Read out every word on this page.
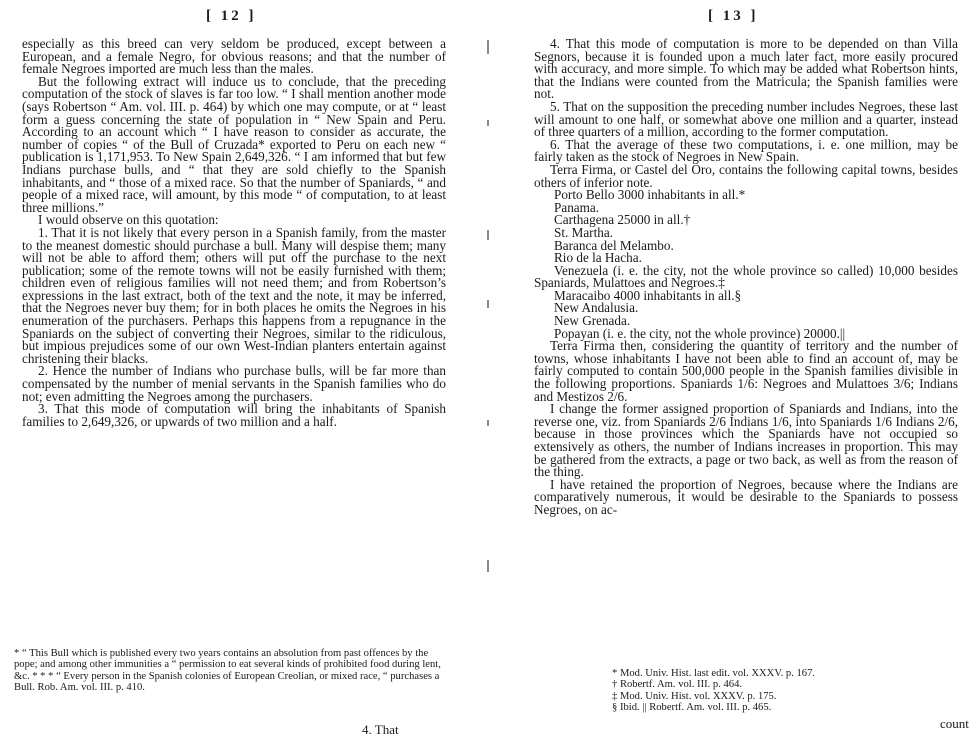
[ 12 ]

especially as this breed can very seldom be produced, except between a European, and a female Negro, for obvious reasons; and that the number of female Negroes imported are much less than the males.

But the following extract will induce us to conclude, that the preceding computation of the stock of slaves is far too low. “ I shall mention another mode (says Robertson “ Am. vol. III. p. 464) by which one may compute, or at “ least form a guess concerning the state of population in “ New Spain and Peru. According to an account which “ I have reason to consider as accurate, the number of copies “ of the Bull of Cruzada* exported to Peru on each new “ publication is 1,171,953. To New Spain 2,649,326. “ I am informed that but few Indians purchase bulls, and “ that they are sold chiefly to the Spanish inhabitants, and “ those of a mixed race. So that the number of Spaniards, “ and people of a mixed race, will amount, by this mode “ of computation, to at least three millions.”

I would observe on this quotation:

1. That it is not likely that every person in a Spanish family, from the master to the meanest domestic should purchase a bull. Many will despise them; many will not be able to afford them; others will put off the purchase to the next publication; some of the remote towns will not be easily furnished with them; children even of religious families will not need them; and from Robertson’s expressions in the last extract, both of the text and the note, it may be inferred, that the Negroes never buy them; for in both places he omits the Negroes in his enumeration of the purchasers. Perhaps this happens from a repugnance in the Spaniards on the subject of converting their Negroes, similar to the ridiculous, but impious prejudices some of our own West-Indian planters entertain against christening their blacks.

2. Hence the number of Indians who purchase bulls, will be far more than compensated by the number of menial servants in the Spanish families who do not; even admitting the Negroes among the purchasers.

3. That this mode of computation will bring the inhabitants of Spanish families to 2,649,326, or upwards of two million and a half.

* “ This Bull which is published every two years contains an absolution from past offences by the pope; and among other immunities a “ permission to eat several kinds of prohibited food during lent, &c. * * * “ Every person in the Spanish colonies of European Creolian, or mixed race, “ purchases a Bull. Rob. Am. vol. III. p. 410.

4. That
[ 13 ]

4. That this mode of computation is more to be depended on than Villa Segnors, because it is founded upon a much later fact, more easily procured with accuracy, and more simple. To which may be added what Robertson hints, that the Indians were counted from the Matricula; the Spanish families were not.

5. That on the supposition the preceding number includes Negroes, these last will amount to one half, or somewhat above one million and a quarter, instead of three quarters of a million, according to the former computation.

6. That the average of these two computations, i. e. one million, may be fairly taken as the stock of Negroes in New Spain.

Terra Firma, or Castel del Oro, contains the following capital towns, besides others of inferior note.

Porto Bello 3000 inhabitants in all.*

Panama.

Carthagena 25000 in all.†

St. Martha.

Baranca del Melambo.

Rio de la Hacha.

Venezuela (i. e. the city, not the whole province so called) 10,000 besides Spaniards, Mulattoes and Negroes.‡

Maracaibo 4000 inhabitants in all.§

New Andalusia.

New Grenada.

Popayan (i. e. the city, not the whole province) 20000.||

Terra Firma then, considering the quantity of territory and the number of towns, whose inhabitants I have not been able to find an account of, may be fairly computed to contain 500,000 people in the Spanish families divisible in the following proportions. Spaniards 1/6: Negroes and Mulattoes 3/6; Indians and Mestizos 2/6.

I change the former assigned proportion of Spaniards and Indians, into the reverse one, viz. from Spaniards 2/6 Indians 1/6, into Spaniards 1/6 Indians 2/6, because in those provinces which the Spaniards have not occupied so extensively as others, the number of Indians increases in proportion. This may be gathered from the extracts, a page or two back, as well as from the reason of the thing.

I have retained the proportion of Negroes, because where the Indians are comparatively numerous, it would be desirable to the Spaniards to possess Negroes, on ac-

* Mod. Univ. Hist. last edit. vol. XXXV. p. 167.

† Robertf. Am. vol. III. p. 464.

‡ Mod. Univ. Hist. vol. XXXV. p. 175.

§ Ibid. || Robertf. Am. vol. III. p. 465.

count
